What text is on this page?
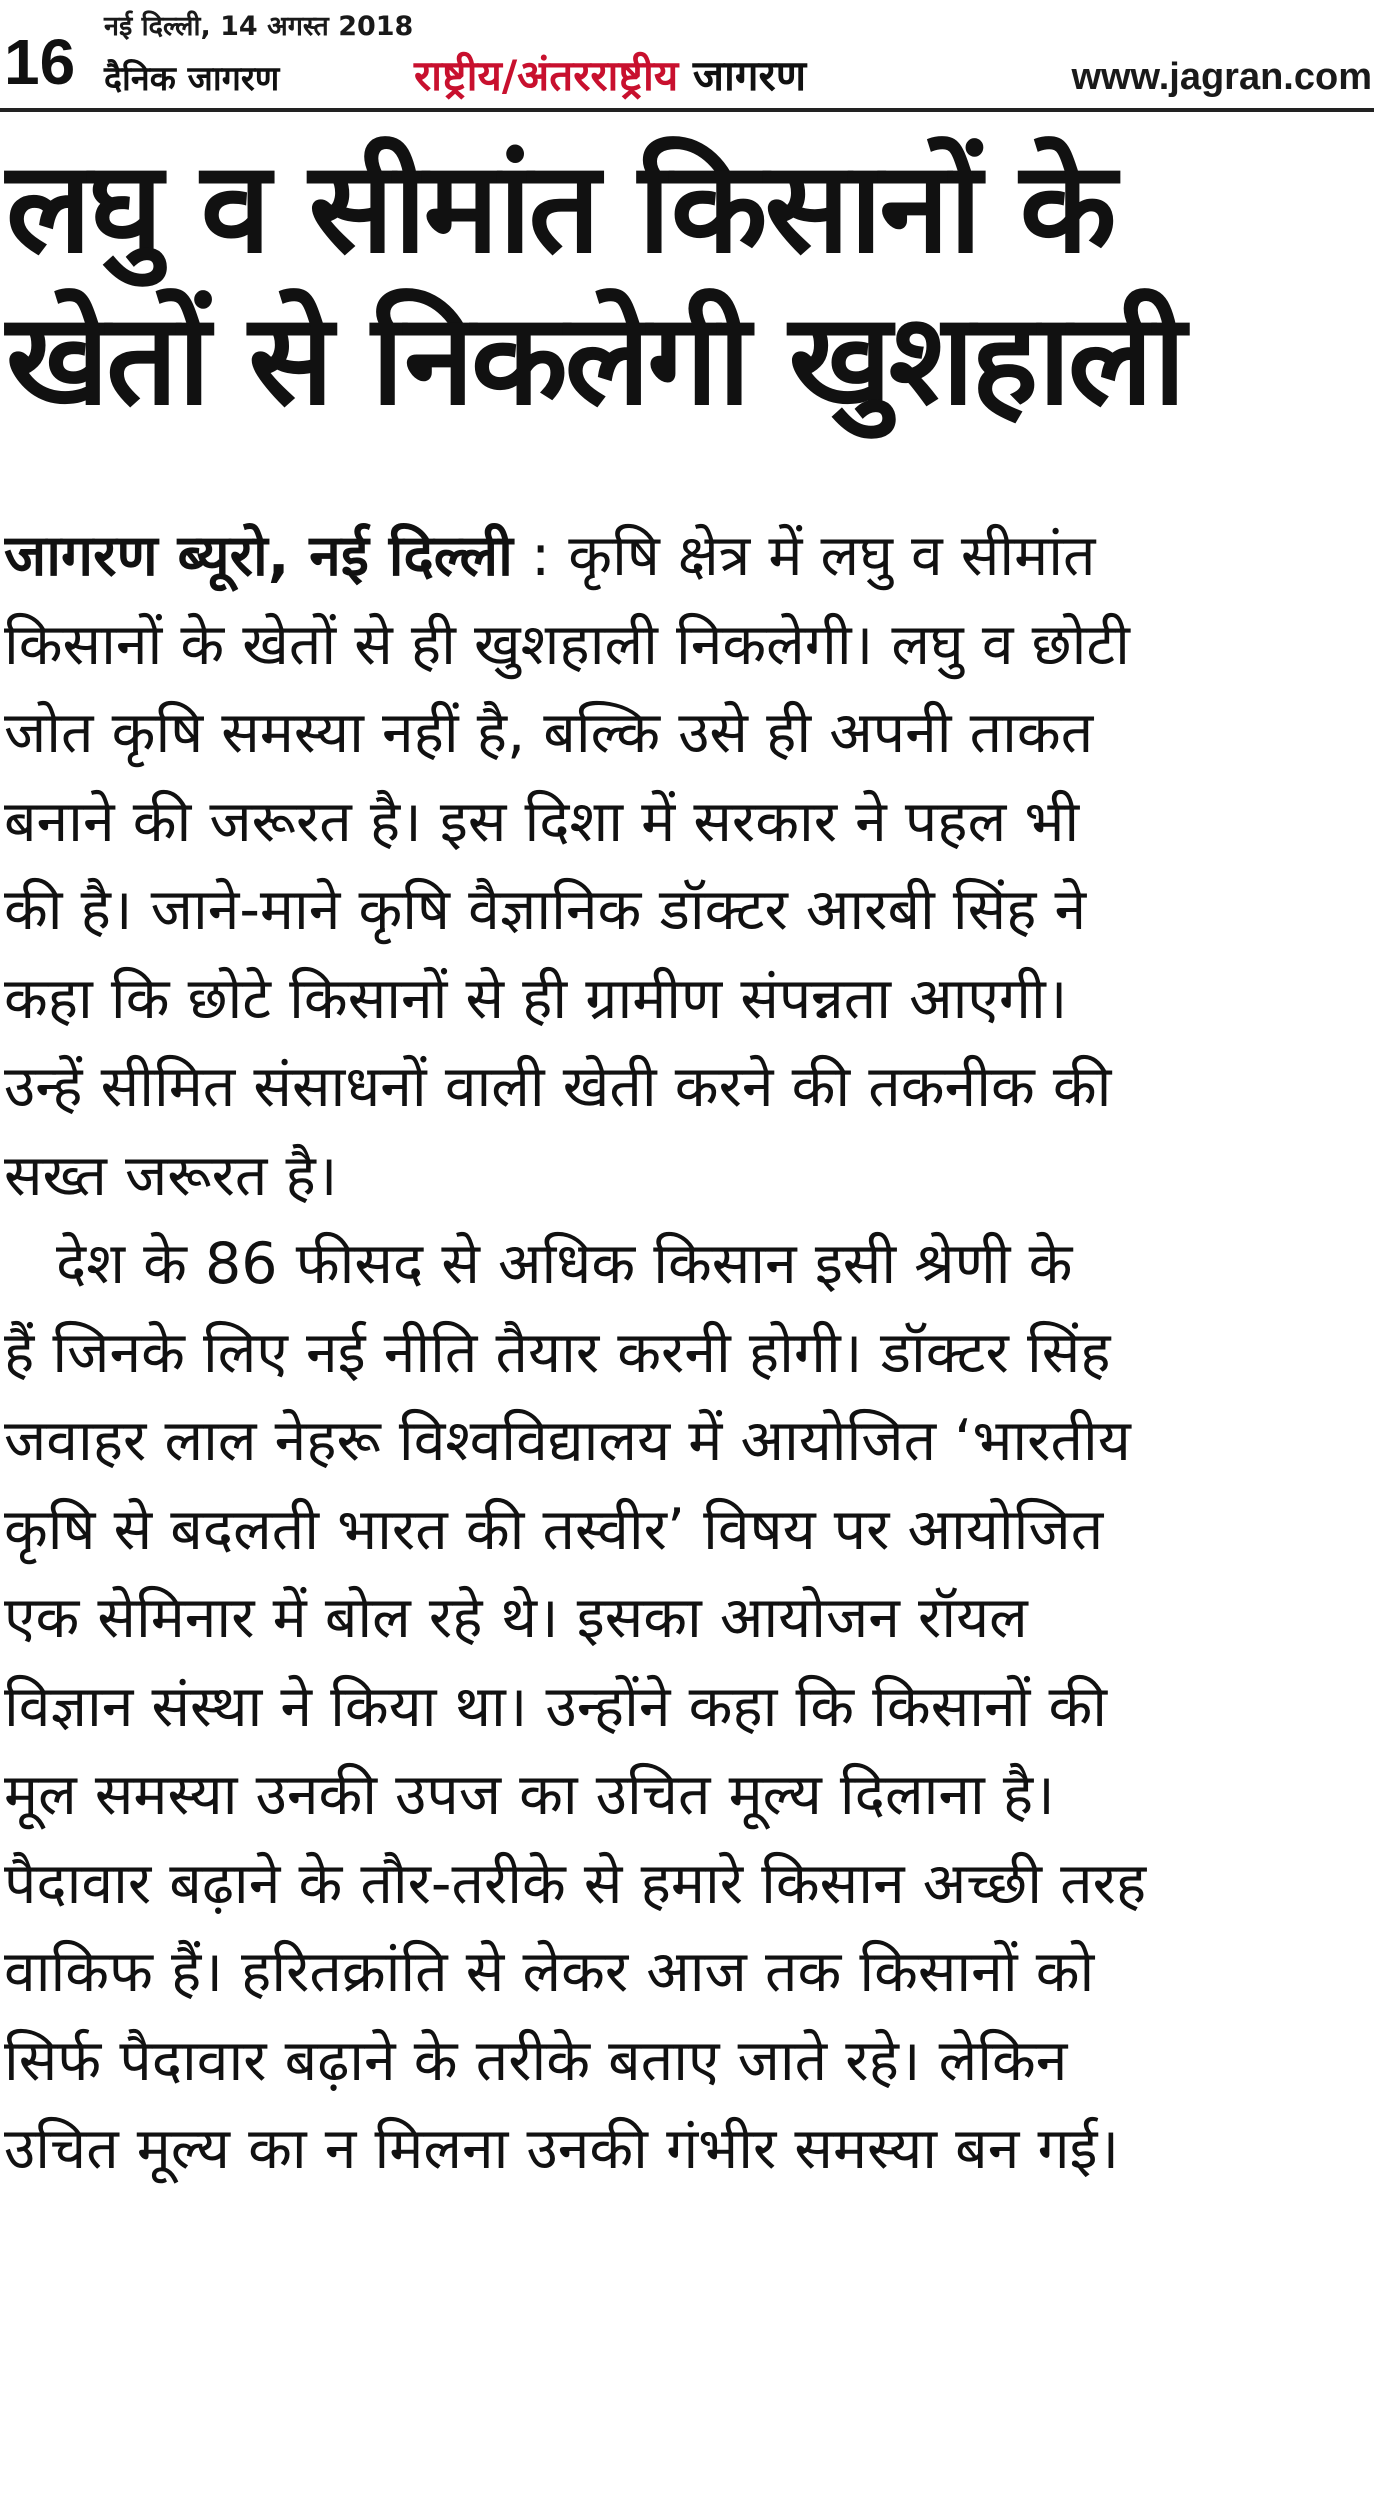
नई दिल्ली, 14 अगस्त 2018
16 दैनिक जागरण	राष्ट्रीय/अंतरराष्ट्रीय जागरण	www.jagran.com
लघु व सीमांत किसानों के
खेतों से निकलेगी खुशहाली
जागरण ब्यूरो, नई दिल्ली : कृषि क्षेत्र में लघु व सीमांत
किसानों के खेतों से ही खुशहाली निकलेगी। लघु व छोटी
जोत कृषि समस्या नहीं है, बल्कि उसे ही अपनी ताकत
बनाने की जरूरत है। इस दिशा में सरकार ने पहल भी
की है। जाने-माने कृषि वैज्ञानिक डॉक्टर आरबी सिंह ने
कहा कि छोटे किसानों से ही ग्रामीण संपन्नता आएगी।
उन्हें सीमित संसाधनों वाली खेती करने की तकनीक की
सख्त जरूरत है।
देश के 86 फीसद से अधिक किसान इसी श्रेणी के
हैं जिनके लिए नई नीति तैयार करनी होगी। डॉक्टर सिंह
जवाहर लाल नेहरू विश्वविद्यालय में आयोजित ‘भारतीय
कृषि से बदलती भारत की तस्वीर’ विषय पर आयोजित
एक सेमिनार में बोल रहे थे। इसका आयोजन रॉयल
विज्ञान संस्था ने किया था। उन्होंने कहा कि किसानों की
मूल समस्या उनकी उपज का उचित मूल्य दिलाना है।
पैदावार बढ़ाने के तौर-तरीके से हमारे किसान अच्छी तरह
वाकिफ हैं। हरितक्रांति से लेकर आज तक किसानों को
सिर्फ पैदावार बढ़ाने के तरीके बताए जाते रहे। लेकिन
उचित मूल्य का न मिलना उनकी गंभीर समस्या बन गई।
